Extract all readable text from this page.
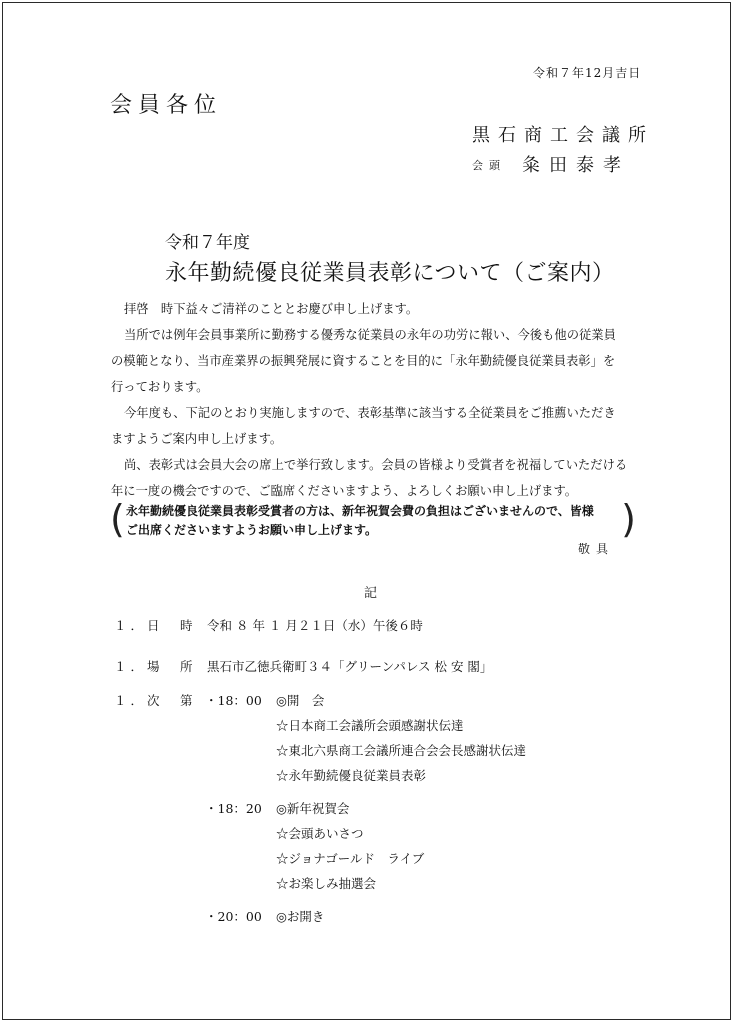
令和７年12月吉日
会員各位
黒石商工会議所
会頭 粂田泰孝
令和７年度
永年勤続優良従業員表彰について（ご案内）

拝啓　時下益々ご清祥のこととお慶び申し上げます。

当所では例年会員事業所に勤務する優秀な従業員の永年の功労に報い、今後も他の従業員

の模範となり、当市産業界の振興発展に資することを目的に「永年勤続優良従業員表彰」を

行っております。

今年度も、下記のとおり実施しますので、表彰基準に該当する全従業員をご推薦いただき

ますようご案内申し上げます。

尚、表彰式は会員大会の席上で挙行致します。会員の皆様より受賞者を祝福していただける

年に一度の機会ですので、ご臨席くださいますよう、よろしくお願い申し上げます。

( 永年勤続優良従業員表彰受賞者の方は、新年祝賀会費の負担はございませんので、皆様
ご出席くださいますようお願い申し上げます。	)
敬具
記
１．日　時 令和 ８ 年 １ 月２１日（水）午後６時
１．場　所 黒石市乙徳兵衛町３４「グリーンパレス 松 安 閣」
１．次　第 ・18：00 ◎開　会
☆日本商工会議所会頭感謝状伝達
☆東北六県商工会議所連合会会長感謝状伝達
☆永年勤続優良従業員表彰
・18：20 ◎新年祝賀会
☆会頭あいさつ
☆ジョナゴールド　ライブ
☆お楽しみ抽選会
・20：00 ◎お開き
